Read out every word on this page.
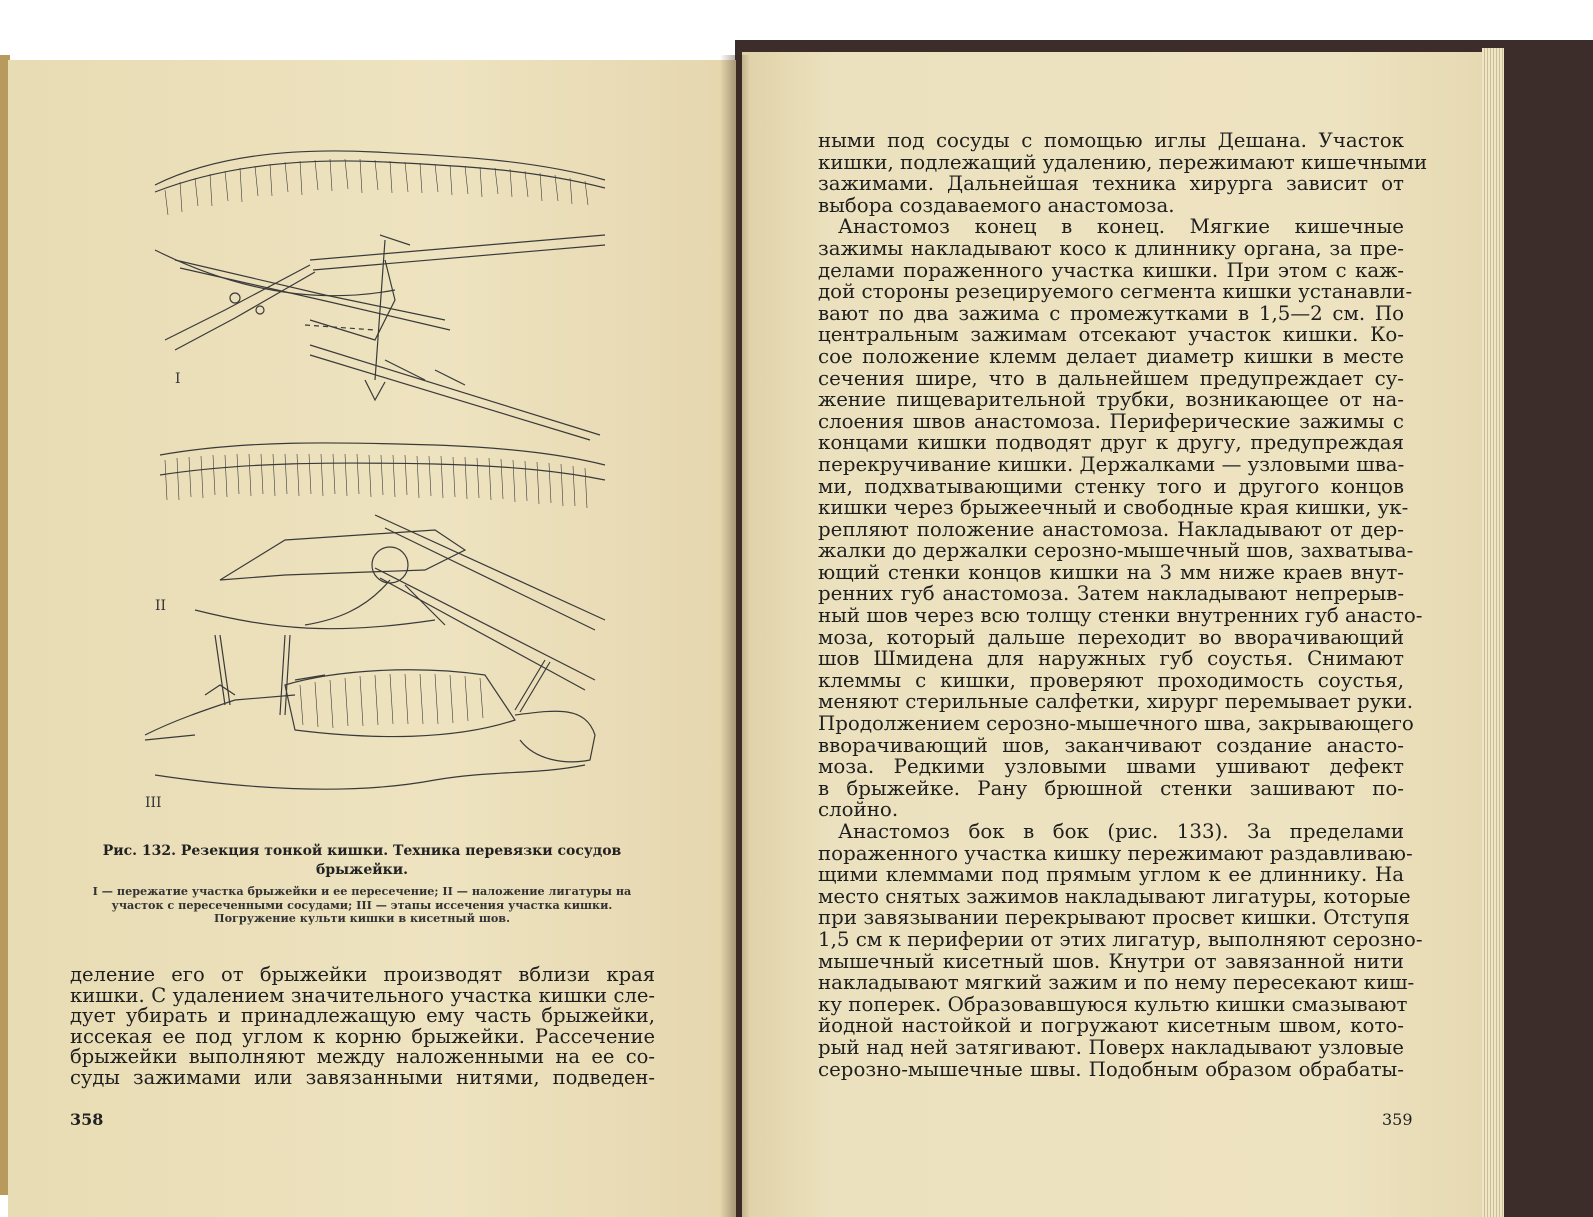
I
II
III
Рис. 132. Резекция тонкой кишки. Техника перевязки сосудов брыжейки.
I — пережатие участка брыжейки и ее пересечение; II — наложение лигатуры на участок с пересеченными сосудами; III — этапы иссечения участка кишки. Погружение культи кишки в кисетный шов.
деление его от брыжейки производят вблизи края
кишки. С удалением значительного участка кишки сле-
дует убирать и принадлежащую ему часть брыжейки,
иссекая ее под углом к корню брыжейки. Рассечение
брыжейки выполняют между наложенными на ее со-
суды зажимами или завязанными нитями, подведен-
358
ными под сосуды с помощью иглы Дешана. Участок
кишки, подлежащий удалению, пережимают кишечными
зажимами. Дальнейшая техника хирурга зависит от
выбора создаваемого анастомоза.
Анастомоз конец в конец. Мягкие кишечные
зажимы накладывают косо к длиннику органа, за пре-
делами пораженного участка кишки. При этом с каж-
дой стороны резецируемого сегмента кишки устанавли-
вают по два зажима с промежутками в 1,5—2 см. По
центральным зажимам отсекают участок кишки. Ко-
сое положение клемм делает диаметр кишки в месте
сечения шире, что в дальнейшем предупреждает су-
жение пищеварительной трубки, возникающее от на-
слоения швов анастомоза. Периферические зажимы с
концами кишки подводят друг к другу, предупреждая
перекручивание кишки. Держалками — узловыми шва-
ми, подхватывающими стенку того и другого концов
кишки через брыжеечный и свободные края кишки, ук-
репляют положение анастомоза. Накладывают от дер-
жалки до держалки серозно-мышечный шов, захватыва-
ющий стенки концов кишки на 3 мм ниже краев внут-
ренних губ анастомоза. Затем накладывают непрерыв-
ный шов через всю толщу стенки внутренних губ анасто-
моза, который дальше переходит во вворачивающий
шов Шмидена для наружных губ соустья. Снимают
клеммы с кишки, проверяют проходимость соустья,
меняют стерильные салфетки, хирург перемывает руки.
Продолжением серозно-мышечного шва, закрывающего
вворачивающий шов, заканчивают создание анасто-
моза. Редкими узловыми швами ушивают дефект
в брыжейке. Рану брюшной стенки зашивают по-
слойно.
Анастомоз бок в бок (рис. 133). За пределами
пораженного участка кишку пережимают раздавливаю-
щими клеммами под прямым углом к ее длиннику. На
место снятых зажимов накладывают лигатуры, которые
при завязывании перекрывают просвет кишки. Отступя
1,5 см к периферии от этих лигатур, выполняют серозно-
мышечный кисетный шов. Кнутри от завязанной нити
накладывают мягкий зажим и по нему пересекают киш-
ку поперек. Образовавшуюся культю кишки смазывают
йодной настойкой и погружают кисетным швом, кото-
рый над ней затягивают. Поверх накладывают узловые
серозно-мышечные швы. Подобным образом обрабаты-
359
